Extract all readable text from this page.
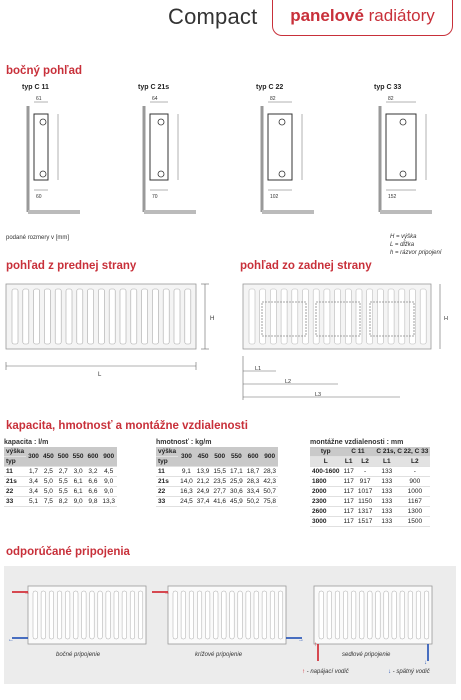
Compact	panelové radiátory
bočný pohľad
typ C 11
61
60
typ C 21s
64
70
typ C 22
82
102
typ C 33
82
152
podané rozmery v [mm]	H = výška
L = dĺžka
h = rázvor pripojení
pohľad z prednej strany	pohľad zo zadnej strany
L
H
L1
L2
L3
H
kapacita, hmotnosť a montážne vzdialenosti
kapacita : l/m
výška	300	450	500	550	600	900
typ						
11	1,7	2,5	2,7	3,0	3,2	4,5
21s	3,4	5,0	5,5	6,1	6,6	9,0
22	3,4	5,0	5,5	6,1	6,6	9,0
33	5,1	7,5	8,2	9,0	9,8	13,3
hmotnosť : kg/m
výška	300	450	500	550	600	900
typ						
11	9,1	13,9	15,5	17,1	18,7	28,3
21s	14,0	21,2	23,5	25,9	28,3	42,3
22	16,3	24,9	27,7	30,6	33,4	50,7
33	24,5	37,4	41,6	45,9	50,2	75,8
montážne vzdialenosti : mm
typ	C 11		C 21s, C 22, C 33	
L	L1	L2	L1	L2
400-1600	117	-	133	-
1800	117	917	133	900
2000	117	1017	133	1000
2300	117	1150	133	1167
2600	117	1317	133	1300
3000	117	1517	133	1500
odporúčané pripojenia
→
←
→
→
↑
↓
bočné pripojenie	krížové pripojenie	sedlové pripojenie
↑ - napájací vodič	↓ - spätný vodič
